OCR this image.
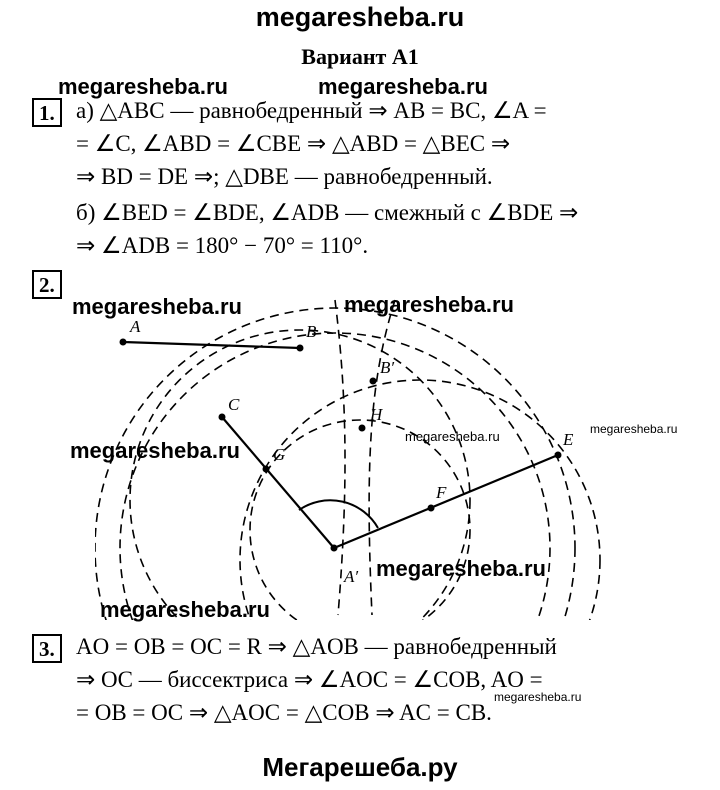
megaresheba.ru
Вариант А1
megaresheba.ru	megaresheba.ru
megaresheba.ru	megaresheba.ru
megaresheba.ru
megaresheba.ru	megaresheba.ru
megaresheba.ru
megaresheba.ru
megaresheba.ru
1. а) △ABC — равнобедренный ⇒ AB = BC, ∠A =
= ∠C, ∠ABD = ∠CBE ⇒ △ABD = △BEC ⇒
⇒ BD = DE ⇒; △DBE — равнобедренный.
б) ∠BED = ∠BDE, ∠ADB — смежный с ∠BDE ⇒
⇒ ∠ADB = 180° − 70° = 110°.
2.
A	B
B′
H
C
G
F
E
A′
3. AO = OB = OC = R ⇒ △AOB — равнобедренный
⇒ OC — биссектриса ⇒ ∠AOC = ∠COB, AO =
= OB = OC ⇒ △AOC = △COB ⇒ AC = CB.
Мегарешеба.ру
